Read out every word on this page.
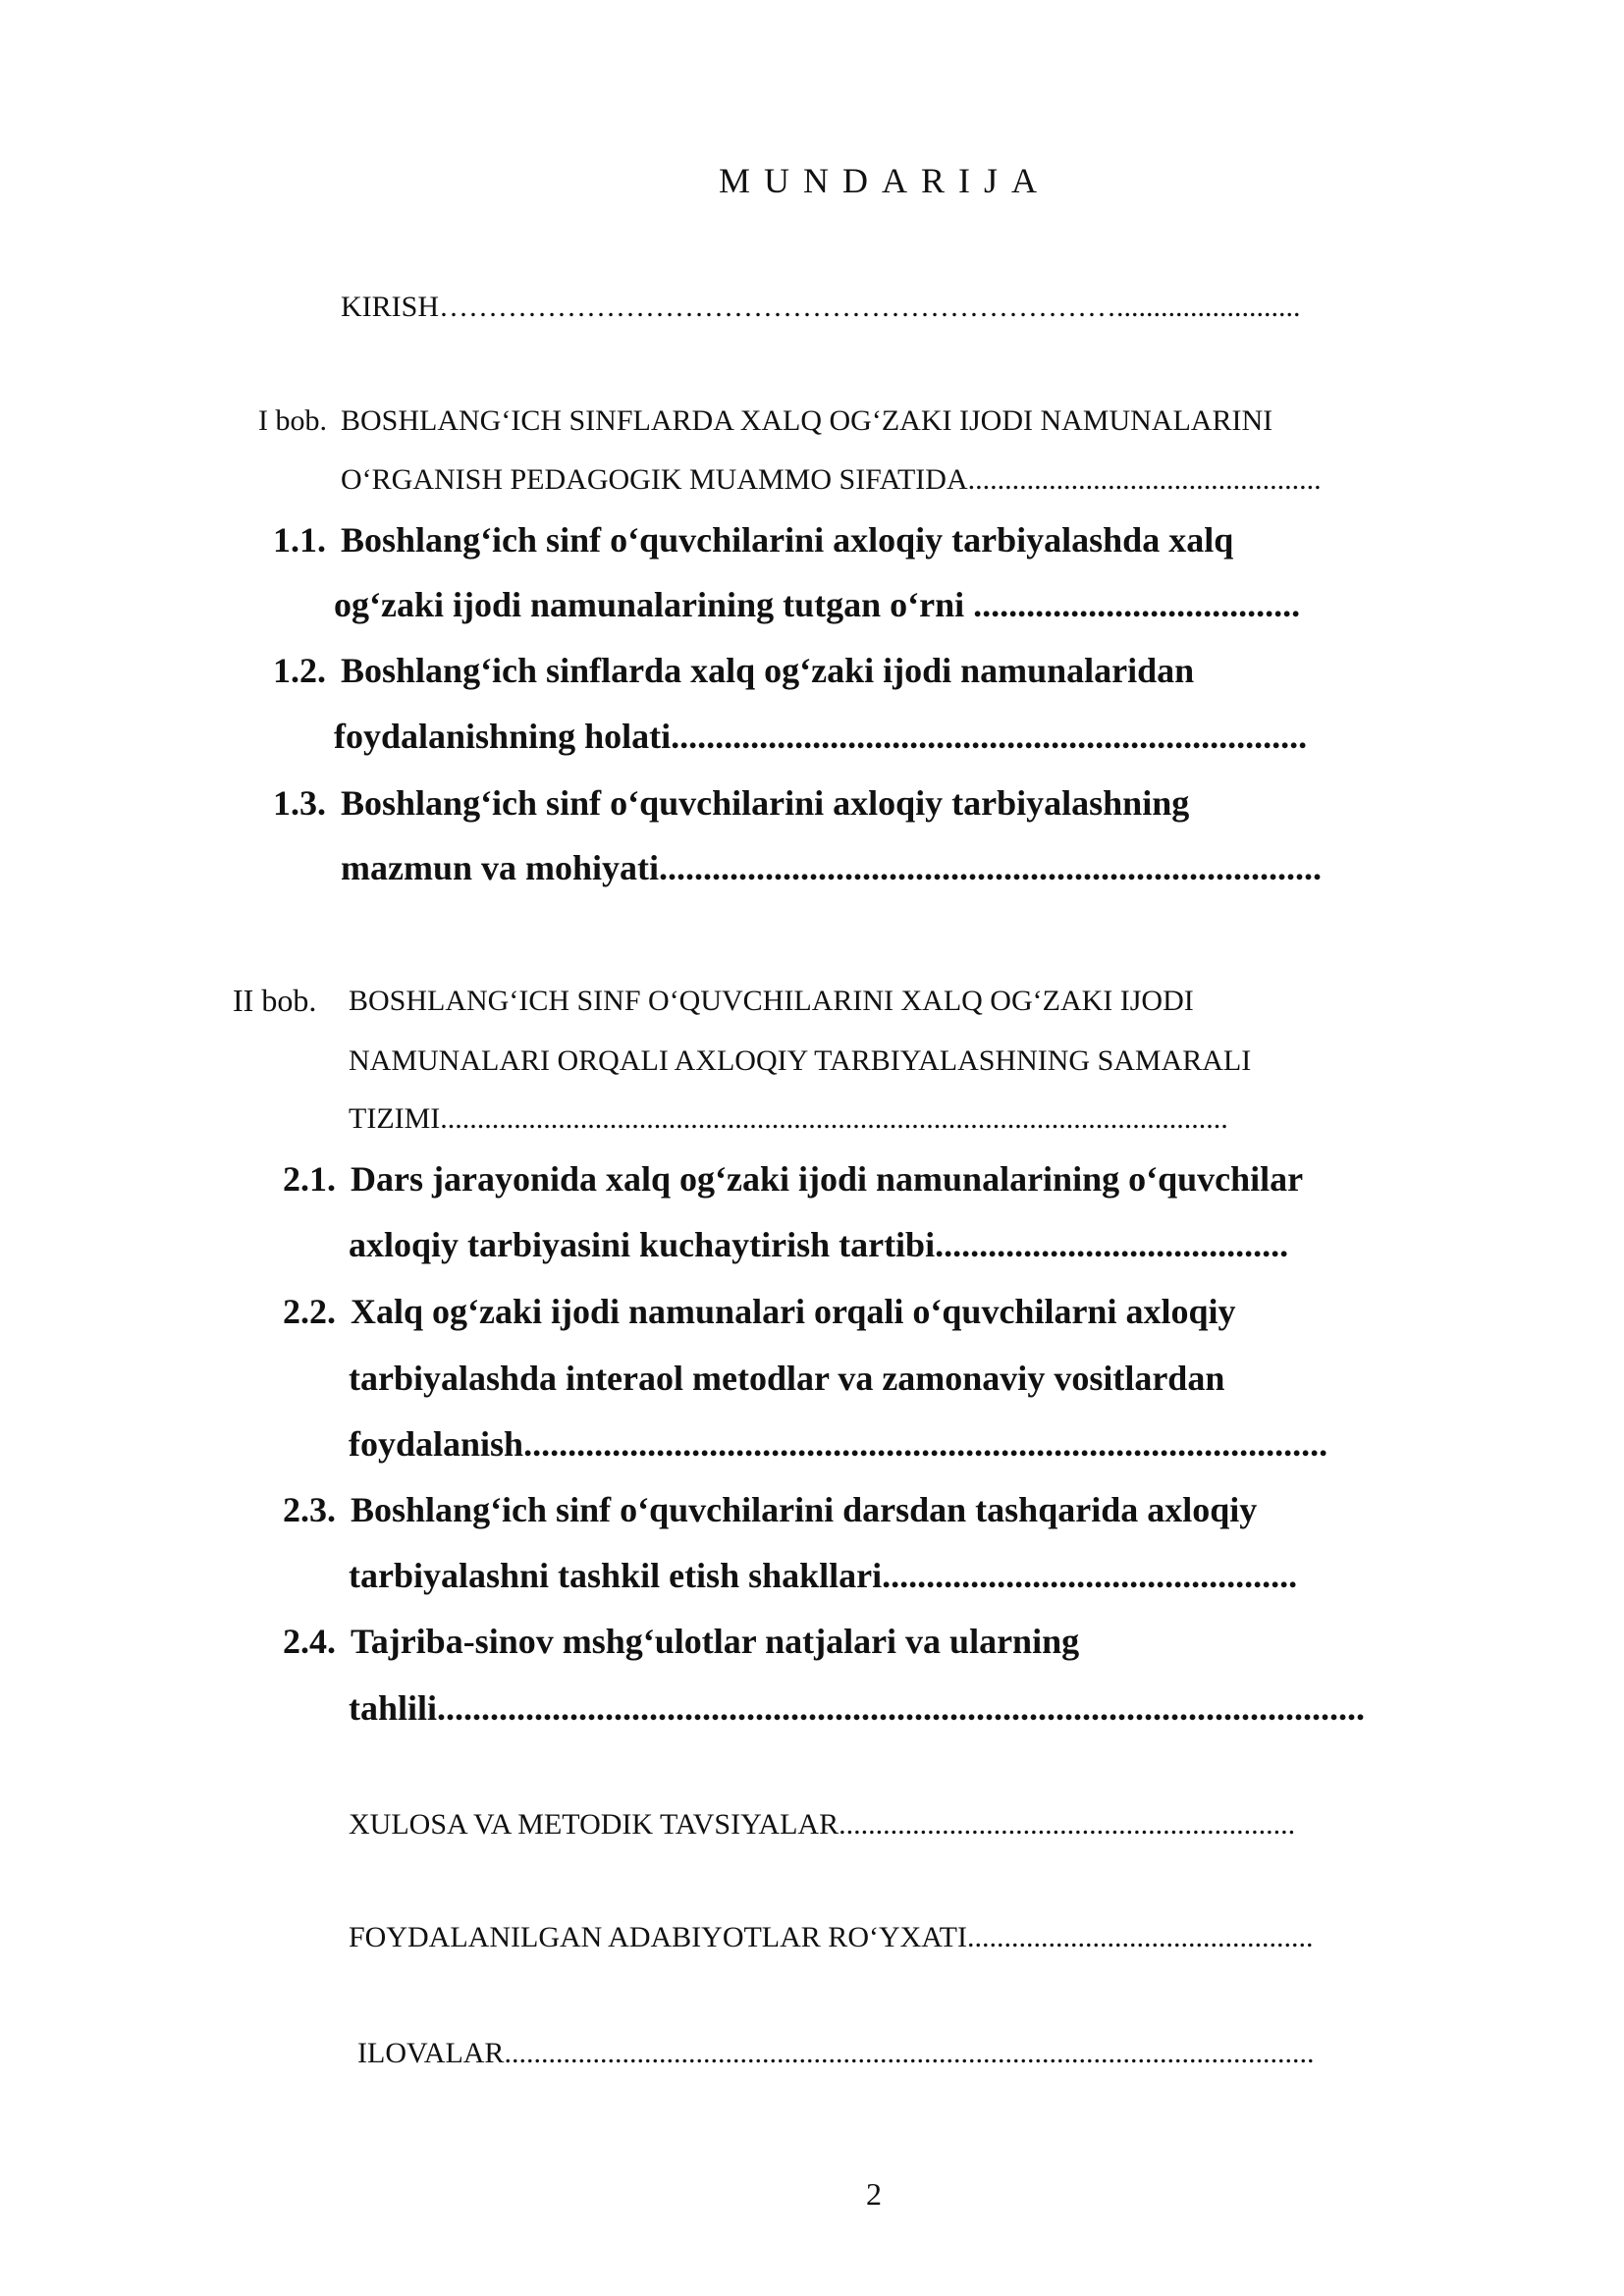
MUNDARIJA
KIRISH…………………………………………………………….........................
I bob. BOSHLANG‘ICH SINFLARDA XALQ OG‘ZAKI IJODI NAMUNALARINI
O‘RGANISH PEDAGOGIK MUAMMO SIFATIDA................................................
1.1. Boshlang‘ich sinf o‘quvchilarini axloqiy tarbiyalashda xalq
og‘zaki ijodi namunalarining tutgan o‘rni .....................................
1.2. Boshlang‘ich sinflarda xalq og‘zaki ijodi namunalaridan
foydalanishning holati........................................................................
1.3. Boshlang‘ich sinf o‘quvchilarini axloqiy tarbiyalashning
mazmun va mohiyati...........................................................................
II bob. BOSHLANG‘ICH SINF O‘QUVCHILARINI XALQ OG‘ZAKI IJODI
NAMUNALARI ORQALI AXLOQIY TARBIYALASHNING SAMARALI
TIZIMI...........................................................................................................
2.1. Dars jarayonida xalq og‘zaki ijodi namunalarining o‘quvchilar
axloqiy tarbiyasini kuchaytirish tartibi........................................
2.2. Xalq og‘zaki ijodi namunalari orqali o‘quvchilarni axloqiy
tarbiyalashda interaol metodlar va zamonaviy vositlardan
foydalanish...........................................................................................
2.3. Boshlang‘ich sinf o‘quvchilarini darsdan tashqarida axloqiy
tarbiyalashni tashkil etish shakllari...............................................
2.4. Tajriba-sinov mshg‘ulotlar natjalari va ularning
tahlili.........................................................................................................
XULOSA VA METODIK TAVSIYALAR..............................................................
FOYDALANILGAN ADABIYOTLAR RO‘YXATI...............................................
ILOVALAR..............................................................................................................
2
